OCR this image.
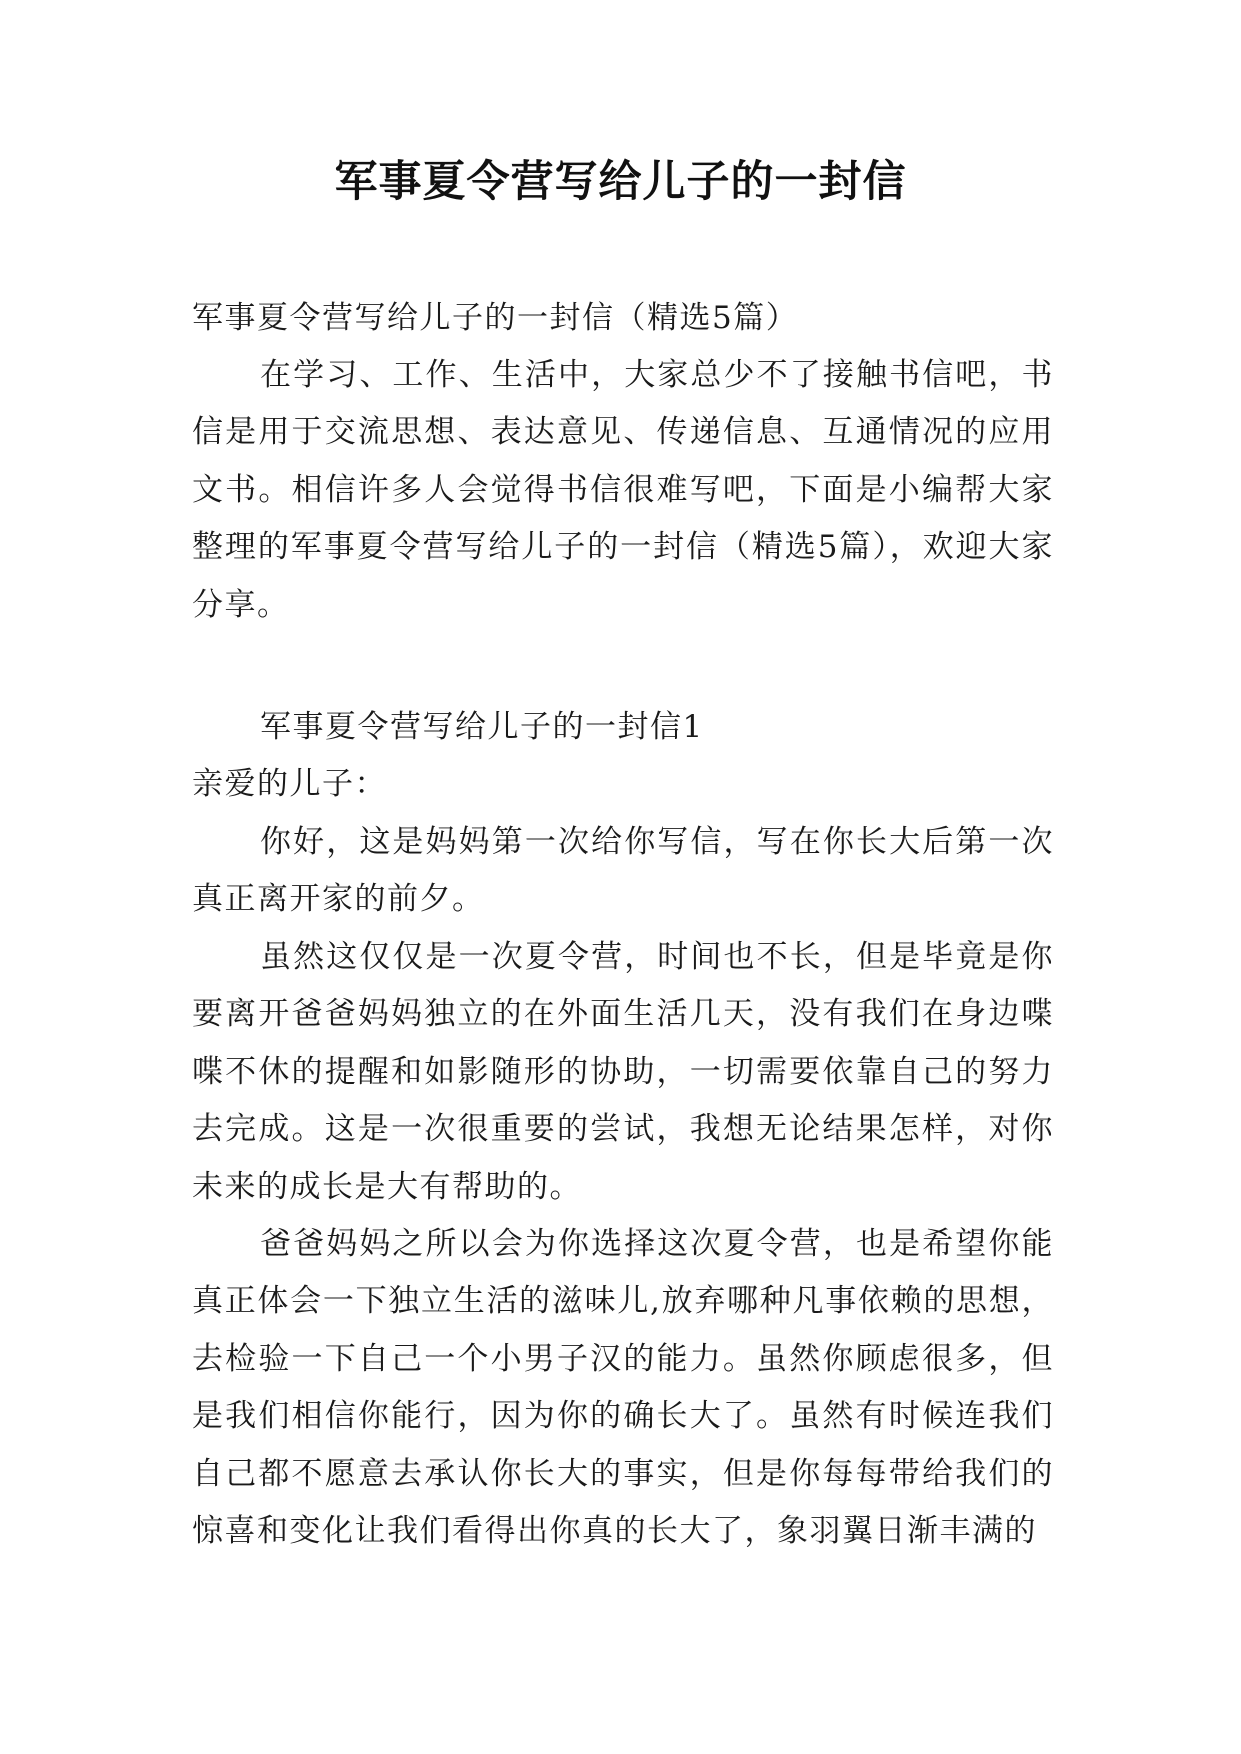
军事夏令营写给儿子的一封信
军事夏令营写给儿子的一封信（精选5篇）
在学习、工作、生活中，大家总少不了接触书信吧，书信是用于交流思想、表达意见、传递信息、互通情况的应用文书。相信许多人会觉得书信很难写吧，下面是小编帮大家整理的军事夏令营写给儿子的一封信（精选5篇），欢迎大家分享。
军事夏令营写给儿子的一封信1
亲爱的儿子：
你好，这是妈妈第一次给你写信，写在你长大后第一次真正离开家的前夕。
虽然这仅仅是一次夏令营，时间也不长，但是毕竟是你要离开爸爸妈妈独立的在外面生活几天，没有我们在身边喋喋不休的提醒和如影随形的协助，一切需要依靠自己的努力去完成。这是一次很重要的尝试，我想无论结果怎样，对你未来的成长是大有帮助的。
爸爸妈妈之所以会为你选择这次夏令营，也是希望你能真正体会一下独立生活的滋味儿,放弃哪种凡事依赖的思想，去检验一下自己一个小男子汉的能力。虽然你顾虑很多，但是我们相信你能行，因为你的确长大了。虽然有时候连我们自己都不愿意去承认你长大的事实，但是你每每带给我们的惊喜和变化让我们看得出你真的长大了，象羽翼日渐丰满的
